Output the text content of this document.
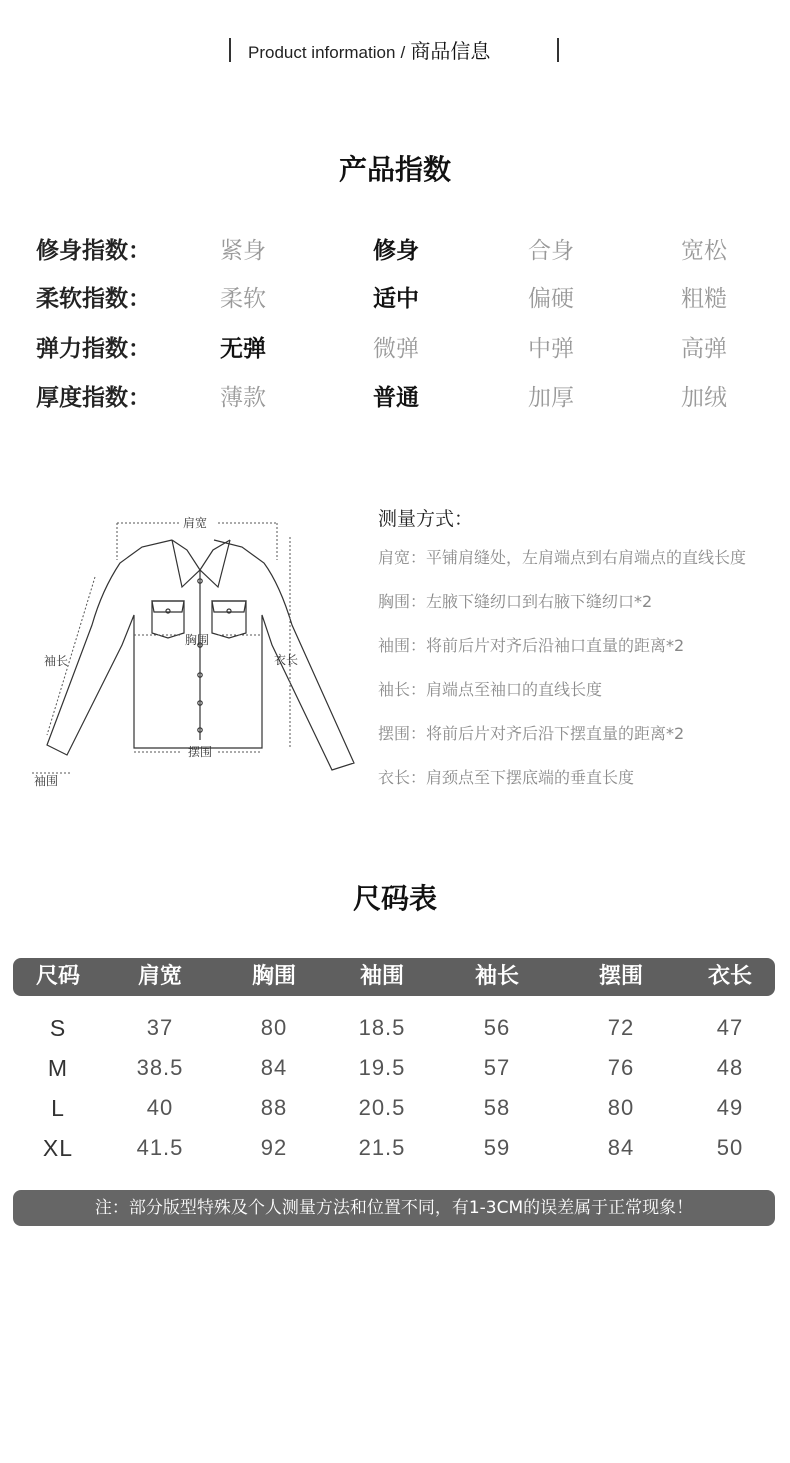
Product information / 商品信息
产品指数
修身指数：	紧身	修身	合身	宽松
柔软指数：	柔软	适中	偏硬	粗糙
弹力指数：	无弹	微弹	中弹	高弹
厚度指数：	薄款	普通	加厚	加绒
肩宽
胸围
袖长	衣长
摆围
袖围
测量方式：
肩宽：平铺肩缝处，左肩端点到右肩端点的直线长度
胸围：左腋下缝纫口到右腋下缝纫口*2
袖围：将前后片对齐后沿袖口直量的距离*2
袖长：肩端点至袖口的直线长度
摆围：将前后片对齐后沿下摆直量的距离*2
衣长：肩颈点至下摆底端的垂直长度
尺码表
尺码	肩宽	胸围	袖围	袖长	摆围	衣长
S	37	80	18.5	56	72	47
M	38.5	84	19.5	57	76	48
L	40	88	20.5	58	80	49
XL	41.5	92	21.5	59	84	50
注：部分版型特殊及个人测量方法和位置不同，有1-3CM的误差属于正常现象！
